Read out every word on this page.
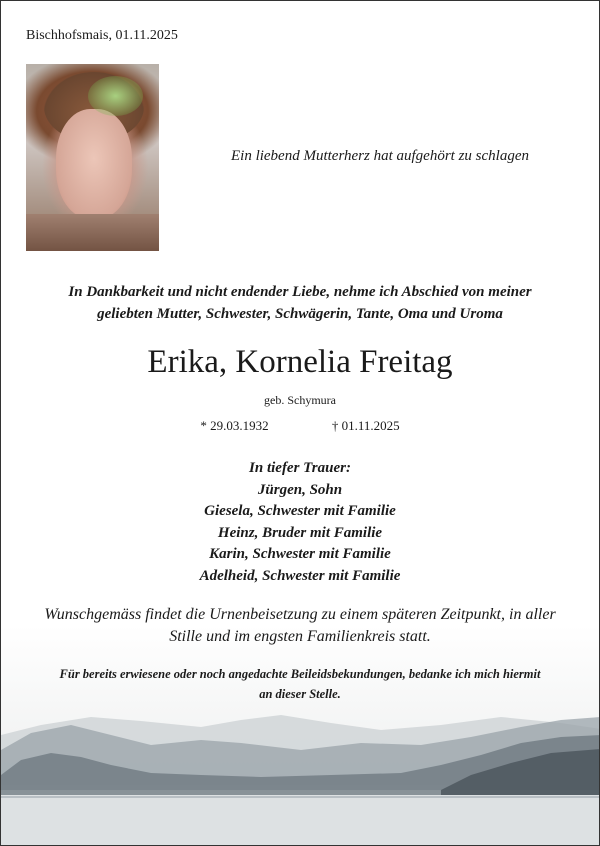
Bischhofsmais, 01.11.2025
Ein liebend Mutterherz hat aufgehört zu schlagen
In Dankbarkeit und nicht endender Liebe, nehme ich Abschied von meiner
geliebten Mutter, Schwester, Schwägerin, Tante, Oma und Uroma
Erika, Kornelia Freitag
geb. Schymura
* 29.03.1932	† 01.11.2025
In tiefer Trauer:
Jürgen, Sohn
Giesela, Schwester mit Familie
Heinz, Bruder mit Familie
Karin, Schwester mit Familie
Adelheid, Schwester mit Familie
Wunschgemäss findet die Urnenbeisetzung zu einem späteren Zeitpunkt, in aller
Stille und im engsten Familienkreis statt.
Für bereits erwiesene oder noch angedachte Beileidsbekundungen, bedanke ich mich hiermit
an dieser Stelle.
